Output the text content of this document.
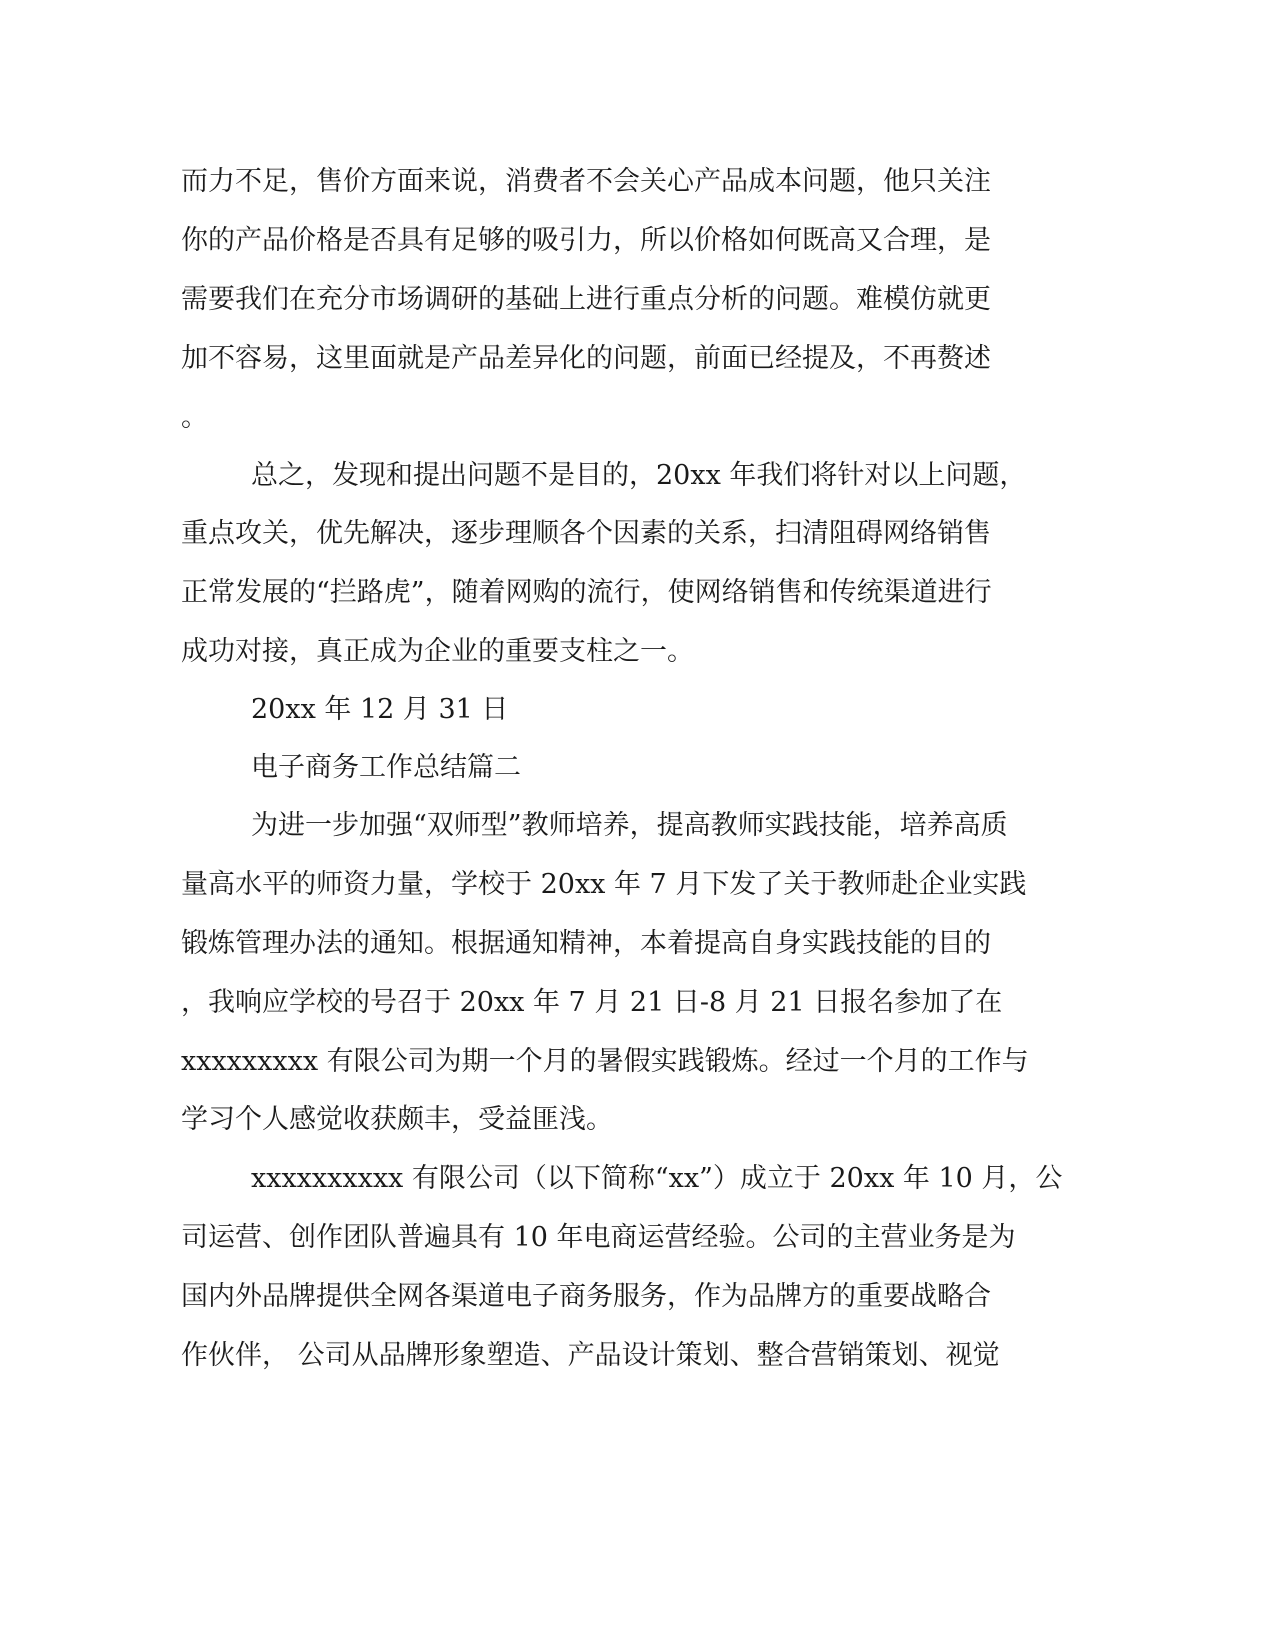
而力不足，售价方面来说，消费者不会关心产品成本问题，他只关注

你的产品价格是否具有足够的吸引力，所以价格如何既高又合理，是

需要我们在充分市场调研的基础上进行重点分析的问题。难模仿就更

加不容易，这里面就是产品差异化的问题，前面已经提及，不再赘述

。

总之，发现和提出问题不是目的，20xx 年我们将针对以上问题，

重点攻关，优先解决，逐步理顺各个因素的关系，扫清阻碍网络销售

正常发展的“拦路虎”，随着网购的流行，使网络销售和传统渠道进行

成功对接，真正成为企业的重要支柱之一。

20xx 年 12 月 31 日

电子商务工作总结篇二

为进一步加强“双师型”教师培养，提高教师实践技能，培养高质

量高水平的师资力量，学校于 20xx 年 7 月下发了关于教师赴企业实践

锻炼管理办法的通知。根据通知精神，本着提高自身实践技能的目的

，我响应学校的号召于 20xx 年 7 月 21 日-8 月 21 日报名参加了在

xxxxxxxxx 有限公司为期一个月的暑假实践锻炼。经过一个月的工作与

学习个人感觉收获颇丰，受益匪浅。

xxxxxxxxxx 有限公司（以下简称“xx”）成立于 20xx 年 10 月，公

司运营、创作团队普遍具有 10 年电商运营经验。公司的主营业务是为

国内外品牌提供全网各渠道电子商务服务，作为品牌方的重要战略合

作伙伴， 公司从品牌形象塑造、产品设计策划、整合营销策划、视觉
